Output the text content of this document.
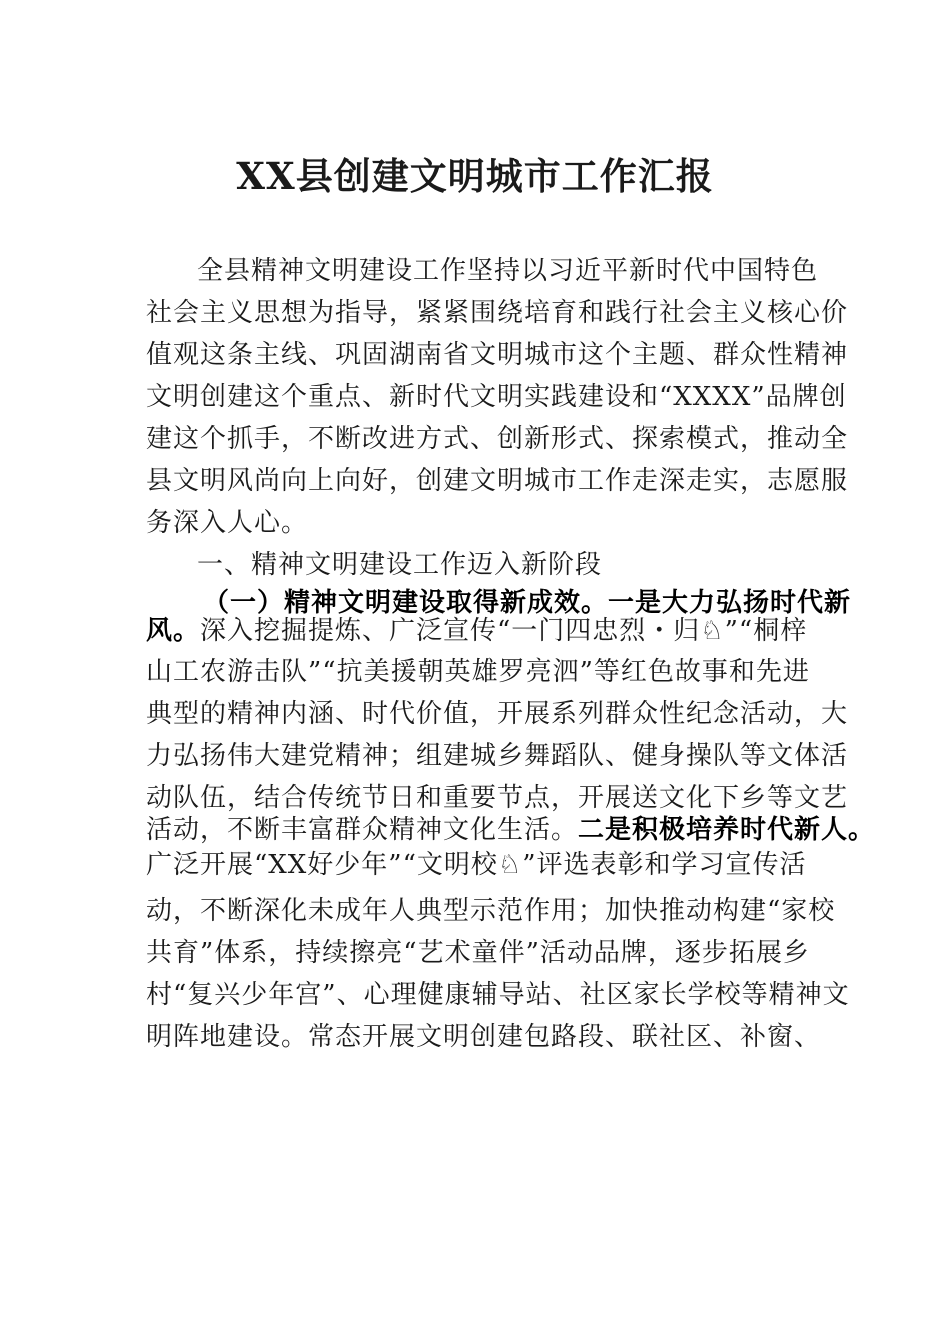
XX县创建文明城市工作汇报
全县精神文明建设工作坚持以习近平新时代中国特色
社会主义思想为指导，紧紧围绕培育和践行社会主义核心价
值观这条主线、巩固湖南省文明城市这个主题、群众性精神
文明创建这个重点、新时代文明实践建设和“XXXX”品牌创
建这个抓手，不断改进方式、创新形式、探索模式，推动全
县文明风尚向上向好，创建文明城市工作走深走实，志愿服
务深入人心。
一、精神文明建设工作迈入新阶段
（一）精神文明建设取得新成效。一是大力弘扬时代新
风。深入挖掘提炼、广泛宣传“一门四忠烈・归♘”“桐梓
山工农游击队”“抗美援朝英雄罗亮泗”等红色故事和先进
典型的精神内涵、时代价值，开展系列群众性纪念活动，大
力弘扬伟大建党精神；组建城乡舞蹈队、健身操队等文体活
动队伍，结合传统节日和重要节点，开展送文化下乡等文艺
活动，不断丰富群众精神文化生活。二是积极培养时代新人。
广泛开展“XX好少年”“文明校♘”评选表彰和学习宣传活
动，不断深化未成年人典型示范作用；加快推动构建“家校
共育”体系，持续擦亮“艺术童伴”活动品牌，逐步拓展乡
村“复兴少年宫”、心理健康辅导站、社区家长学校等精神文
明阵地建设。常态开展文明创建包路段、联社区、补窗、
